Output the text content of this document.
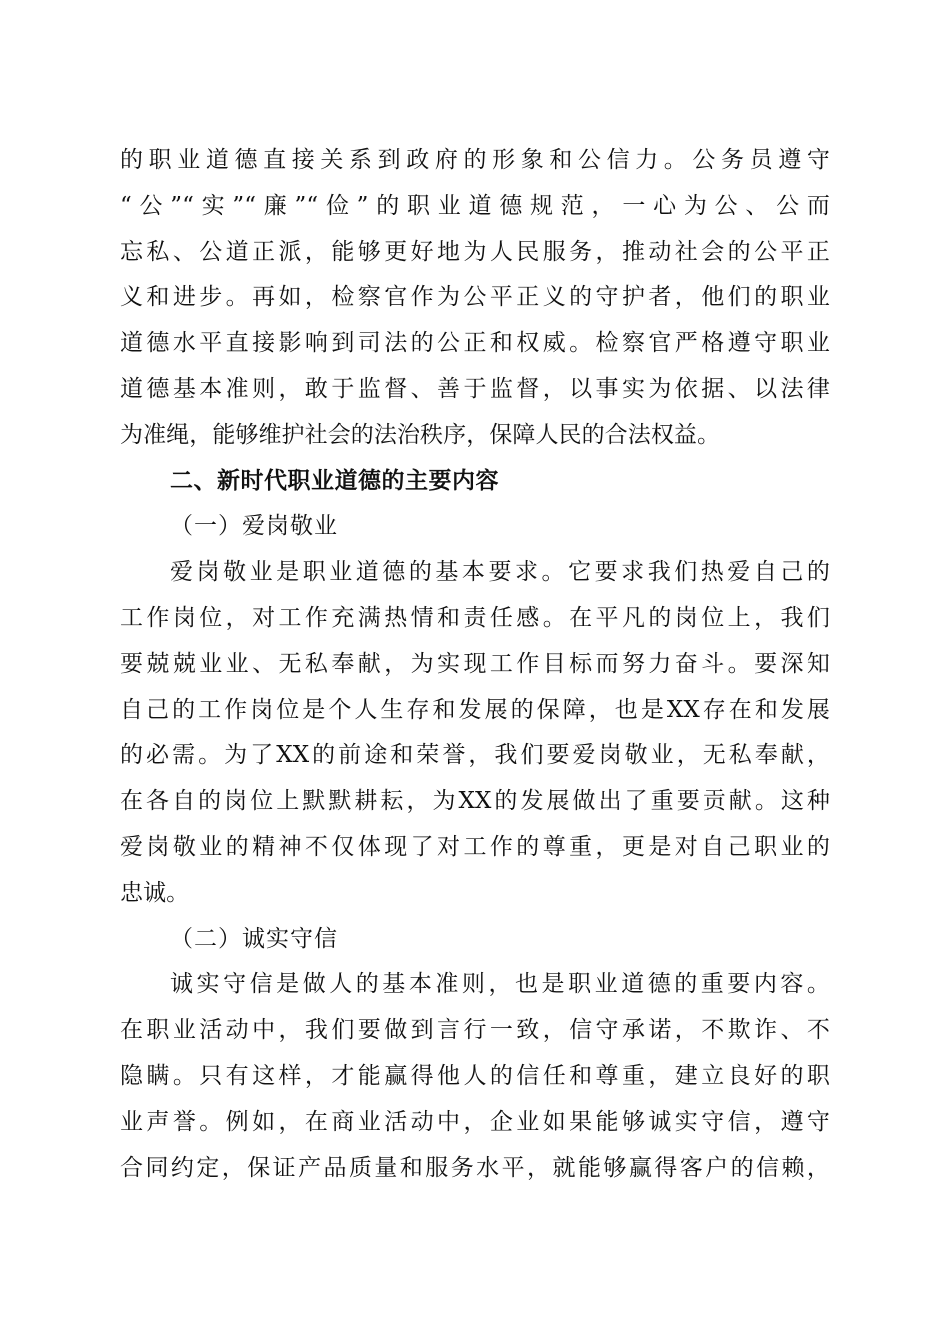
的职业道德直接关系到政府的形象和公信力。公务员遵守
“公”“实”“廉”“俭”的职业道德规范，一心为公、公而
忘私、公道正派，能够更好地为人民服务，推动社会的公平正
义和进步。再如，检察官作为公平正义的守护者，他们的职业
道德水平直接影响到司法的公正和权威。检察官严格遵守职业
道德基本准则，敢于监督、善于监督，以事实为依据、以法律
为准绳，能够维护社会的法治秩序，保障人民的合法权益。
二、新时代职业道德的主要内容
（一）爱岗敬业
爱岗敬业是职业道德的基本要求。它要求我们热爱自己的
工作岗位，对工作充满热情和责任感。在平凡的岗位上，我们
要兢兢业业、无私奉献，为实现工作目标而努力奋斗。要深知
自己的工作岗位是个人生存和发展的保障，也是XX存在和发展
的必需。为了XX的前途和荣誉，我们要爱岗敬业，无私奉献，
在各自的岗位上默默耕耘，为XX的发展做出了重要贡献。这种
爱岗敬业的精神不仅体现了对工作的尊重，更是对自己职业的
忠诚。
（二）诚实守信
诚实守信是做人的基本准则，也是职业道德的重要内容。
在职业活动中，我们要做到言行一致，信守承诺，不欺诈、不
隐瞒。只有这样，才能赢得他人的信任和尊重，建立良好的职
业声誉。例如，在商业活动中，企业如果能够诚实守信，遵守
合同约定，保证产品质量和服务水平，就能够赢得客户的信赖，
